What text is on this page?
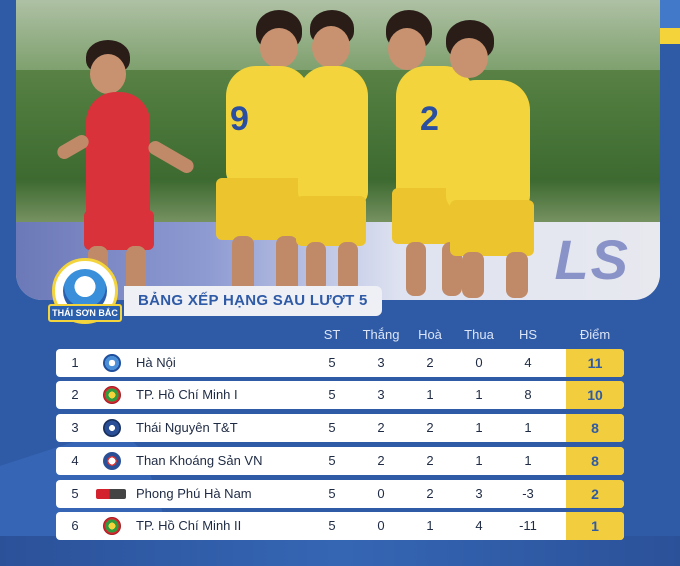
LS
9	2
THÁI SƠN BẮC
BẢNG XẾP HẠNG SAU LƯỢT 5
ST	Thắng	Hoà	Thua	HS	Điểm
1	Hà Nội	5	3	2	0	4	11
2	TP. Hồ Chí Minh I	5	3	1	1	8	10
3	Thái Nguyên T&T	5	2	2	1	1	8
4	Than Khoáng Sản VN	5	2	2	1	1	8
5	Phong Phú Hà Nam	5	0	2	3	-3	2
6	TP. Hồ Chí Minh II	5	0	1	4	-11	1
